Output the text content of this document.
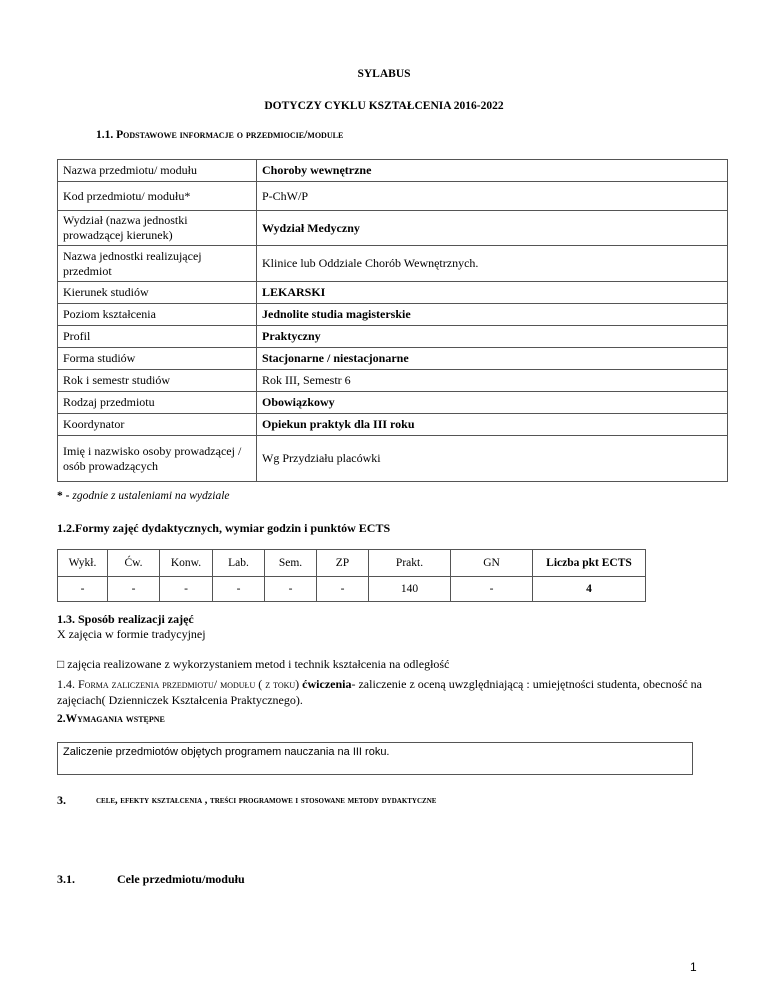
SYLABUS
DOTYCZY CYKLU KSZTAŁCENIA 2016-2022
1.1. Podstawowe informacje o przedmiocie/module
Nazwa przedmiotu/ modułu	Choroby wewnętrzne
Kod przedmiotu/ modułu*	P-ChW/P
Wydział (nazwa jednostki prowadzącej kierunek)	Wydział Medyczny
Nazwa jednostki realizującej przedmiot	Klinice lub Oddziale Chorób Wewnętrznych.
Kierunek studiów	LEKARSKI
Poziom kształcenia	Jednolite studia magisterskie
Profil	Praktyczny
Forma studiów	Stacjonarne / niestacjonarne
Rok i semestr studiów	Rok III, Semestr 6
Rodzaj przedmiotu	Obowiązkowy
Koordynator	Opiekun praktyk dla III roku
Imię i nazwisko osoby prowadzącej / osób prowadzących	Wg Przydziału placówki
* - zgodnie z ustaleniami na wydziale
1.2.Formy zajęć dydaktycznych, wymiar godzin i punktów ECTS
Wykł.	Ćw.	Konw.	Lab.	Sem.	ZP	Prakt.	GN	Liczba pkt ECTS
-	-	-	-	-	-	140	-	4
1.3. Sposób realizacji zajęć
X zajęcia w formie tradycyjnej
□ zajęcia realizowane z wykorzystaniem metod i technik kształcenia na odległość
1.4. Forma zaliczenia przedmiotu/ modułu ( z toku) ćwiczenia- zaliczenie z oceną uwzględniającą : umiejętności studenta, obecność na zajęciach( Dzienniczek Kształcenia Praktycznego).
2.Wymagania wstępne
Zaliczenie przedmiotów objętych programem nauczania na III roku.
3.	cele, efekty kształcenia , treści programowe i stosowane metody dydaktyczne
3.1.	Cele przedmiotu/modułu
1
